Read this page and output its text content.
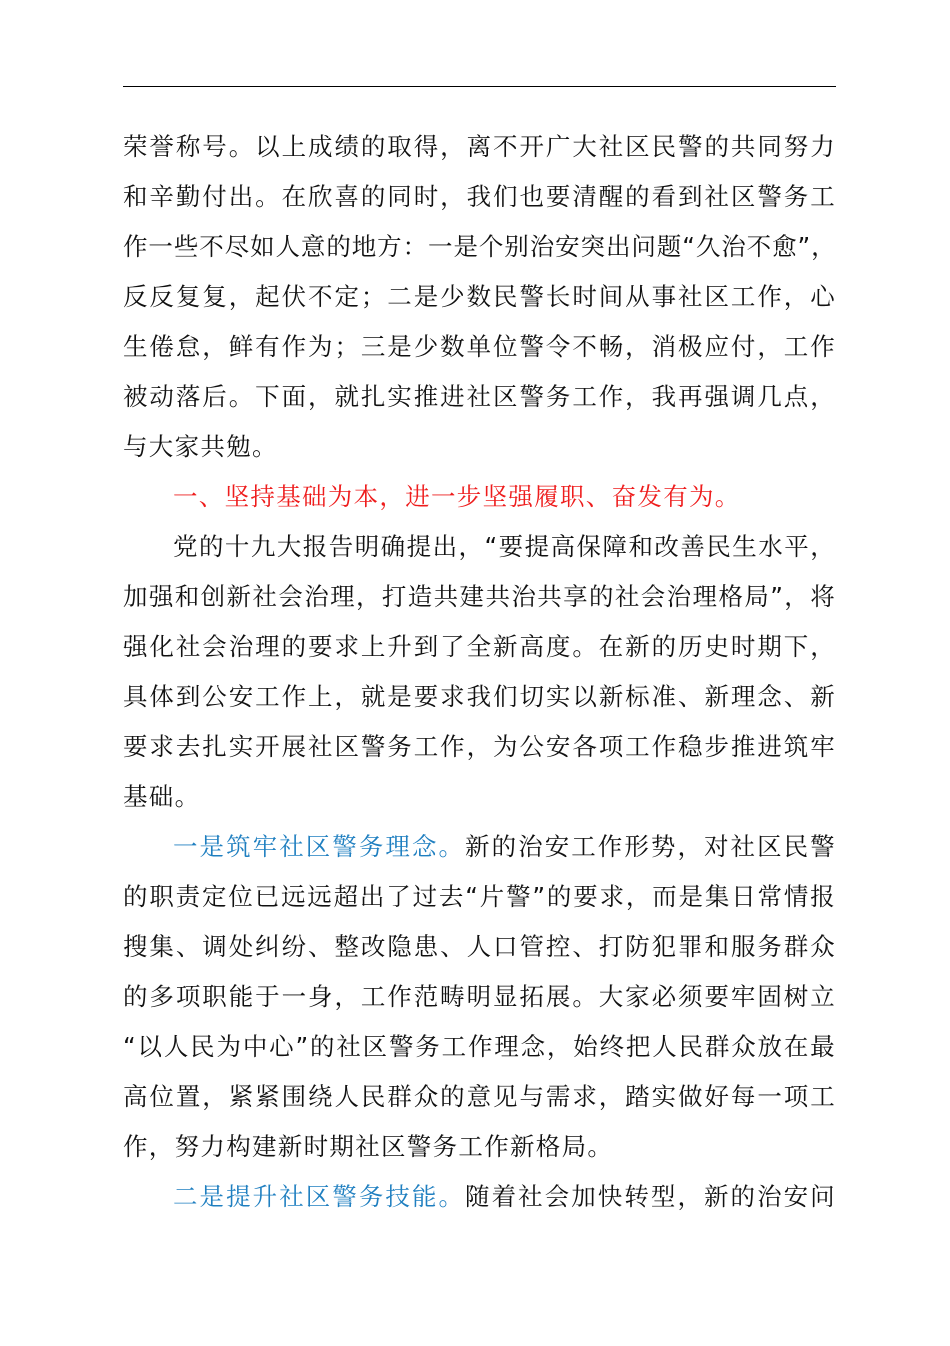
荣誉称号。以上成绩的取得，离不开广大社区民警的共同努力
和辛勤付出。在欣喜的同时，我们也要清醒的看到社区警务工
作一些不尽如人意的地方：一是个别治安突出问题“久治不愈”，
反反复复，起伏不定；二是少数民警长时间从事社区工作，心
生倦怠，鲜有作为；三是少数单位警令不畅，消极应付，工作
被动落后。下面，就扎实推进社区警务工作，我再强调几点，
与大家共勉。
一、坚持基础为本，进一步坚强履职、奋发有为。
党的十九大报告明确提出，“要提高保障和改善民生水平，
加强和创新社会治理，打造共建共治共享的社会治理格局”，将
强化社会治理的要求上升到了全新高度。在新的历史时期下，
具体到公安工作上，就是要求我们切实以新标准、新理念、新
要求去扎实开展社区警务工作，为公安各项工作稳步推进筑牢
基础。
一是筑牢社区警务理念。新的治安工作形势，对社区民警
的职责定位已远远超出了过去“片警”的要求，而是集日常情报
搜集、调处纠纷、整改隐患、人口管控、打防犯罪和服务群众
的多项职能于一身，工作范畴明显拓展。大家必须要牢固树立
“以人民为中心”的社区警务工作理念，始终把人民群众放在最
高位置，紧紧围绕人民群众的意见与需求，踏实做好每一项工
作，努力构建新时期社区警务工作新格局。
二是提升社区警务技能。随着社会加快转型，新的治安问
